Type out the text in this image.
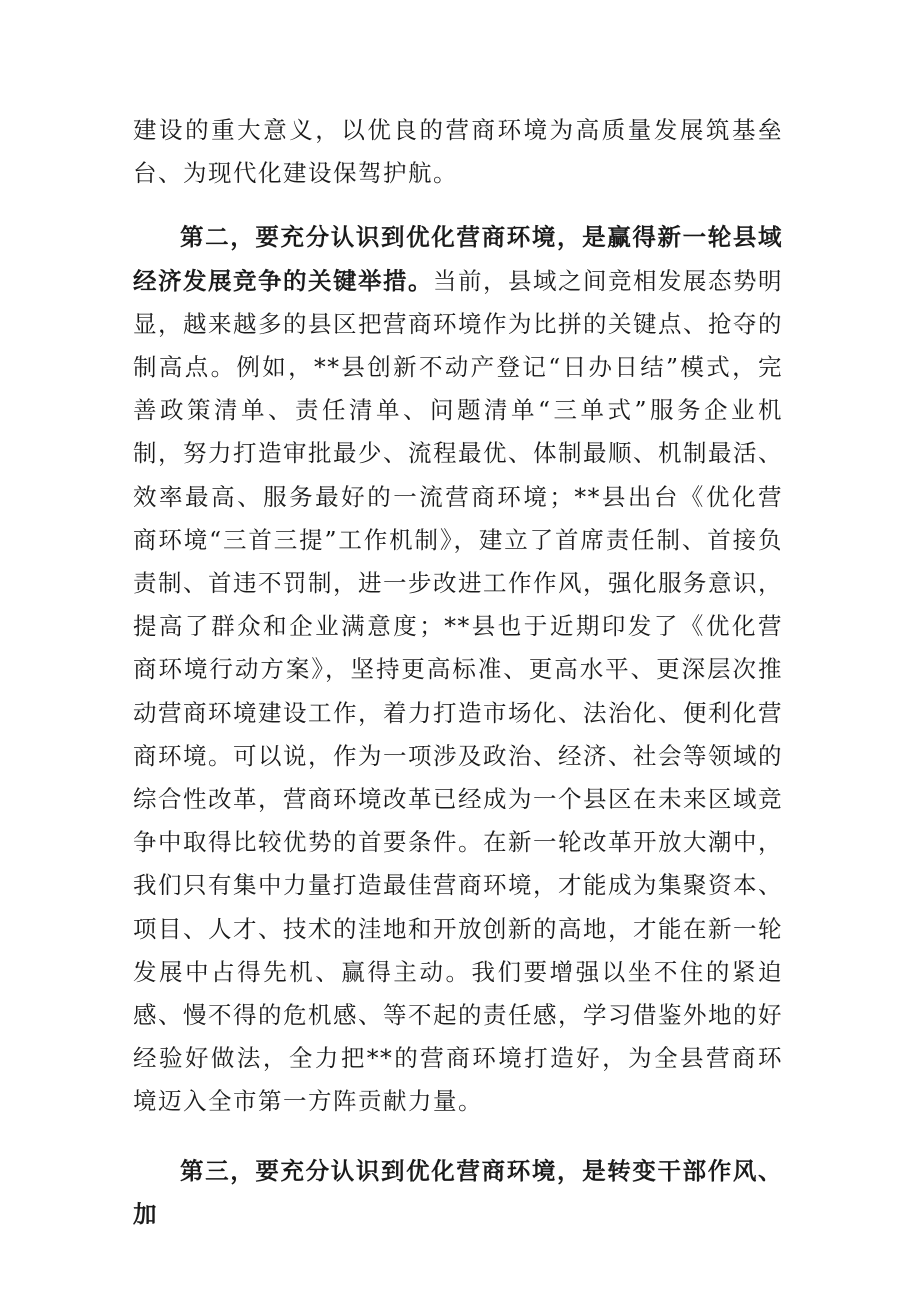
建设的重大意义，以优良的营商环境为高质量发展筑基垒台、为现代化建设保驾护航。

第二，要充分认识到优化营商环境，是赢得新一轮县域经济发展竞争的关键举措。当前，县域之间竞相发展态势明显，越来越多的县区把营商环境作为比拼的关键点、抢夺的制高点。例如，**县创新不动产登记“日办日结”模式，完善政策清单、责任清单、问题清单“三单式”服务企业机制，努力打造审批最少、流程最优、体制最顺、机制最活、效率最高、服务最好的一流营商环境；**县出台《优化营商环境“三首三提”工作机制》，建立了首席责任制、首接负责制、首违不罚制，进一步改进工作作风，强化服务意识，提高了群众和企业满意度；**县也于近期印发了《优化营商环境行动方案》，坚持更高标准、更高水平、更深层次推动营商环境建设工作，着力打造市场化、法治化、便利化营商环境。可以说，作为一项涉及政治、经济、社会等领域的综合性改革，营商环境改革已经成为一个县区在未来区域竞争中取得比较优势的首要条件。在新一轮改革开放大潮中，我们只有集中力量打造最佳营商环境，才能成为集聚资本、项目、人才、技术的洼地和开放创新的高地，才能在新一轮发展中占得先机、赢得主动。我们要增强以坐不住的紧迫感、慢不得的危机感、等不起的责任感，学习借鉴外地的好经验好做法，全力把**的营商环境打造好，为全县营商环境迈入全市第一方阵贡献力量。

第三，要充分认识到优化营商环境，是转变干部作风、加
